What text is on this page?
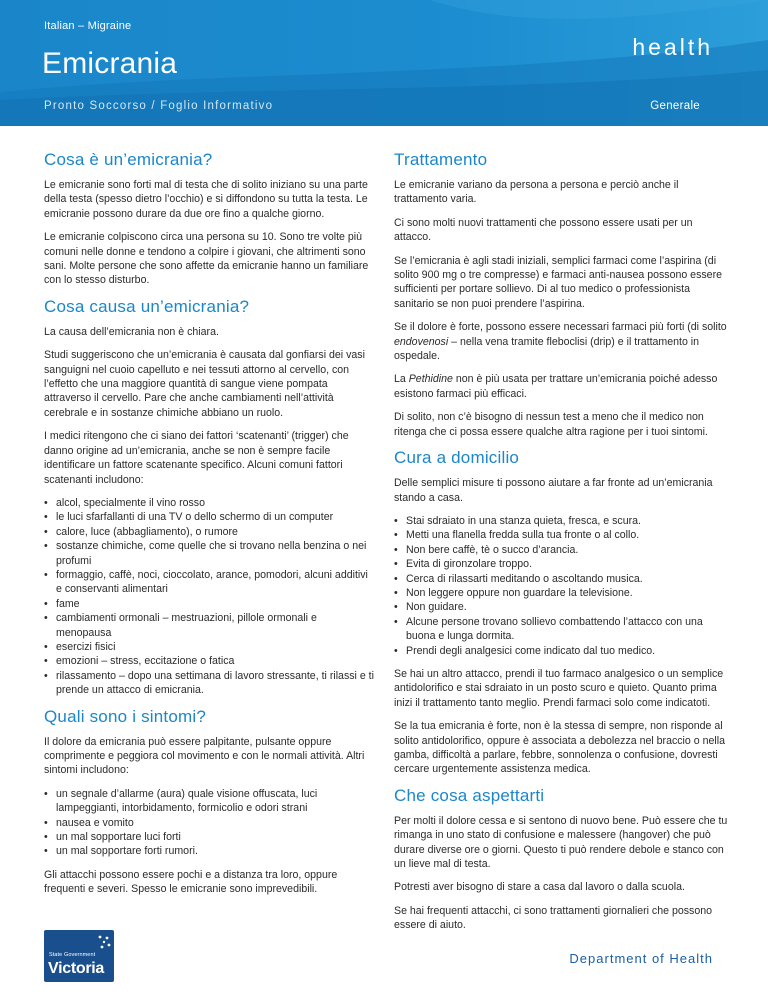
Italian – Migraine
Emicrania	health
Pronto Soccorso / Foglio Informativo	Generale
Cosa è un’emicrania?

Le emicranie sono forti mal di testa che di solito iniziano su una parte della testa (spesso dietro l’occhio) e si diffondono su tutta la testa. Le emicranie possono durare da due ore fino a qualche giorno.

Le emicranie colpiscono circa una persona su 10. Sono tre volte più comuni nelle donne e tendono a colpire i giovani, che altrimenti sono sani. Molte persone che sono affette da emicranie hanno un familiare con lo stesso disturbo.

Cosa causa un’emicrania?

La causa dell’emicrania non è chiara.

Studi suggeriscono che un’emicrania è causata dal gonfiarsi dei vasi sanguigni nel cuoio capelluto e nei tessuti attorno al cervello, con l’effetto che una maggiore quantità di sangue viene pompata attraverso il cervello. Pare che anche cambiamenti nell’attività cerebrale e in sostanze chimiche abbiano un ruolo.

I medici ritengono che ci siano dei fattori ‘scatenanti’ (trigger) che danno origine ad un’emicrania, anche se non è sempre facile identificare un fattore scatenante specifico. Alcuni comuni fattori scatenanti includono:

• alcol, specialmente il vino rosso
• le luci sfarfallanti di una TV o dello schermo di un computer
• calore, luce (abbagliamento), o rumore
• sostanze chimiche, come quelle che si trovano nella benzina o nei profumi
• formaggio, caffè, noci, cioccolato, arance, pomodori, alcuni additivi e conservanti alimentari
• fame
• cambiamenti ormonali – mestruazioni, pillole ormonali e menopausa
• esercizi fisici
• emozioni – stress, eccitazione o fatica
• rilassamento – dopo una settimana di lavoro stressante, ti rilassi e ti prende un attacco di emicrania.
Quali sono i sintomi?

Il dolore da emicrania può essere palpitante, pulsante oppure comprimente e peggiora col movimento e con le normali attività. Altri sintomi includono:

• un segnale d’allarme (aura) quale visione offuscata, luci lampeggianti, intorbidamento, formicolio e odori strani
• nausea e vomito
• un mal sopportare luci forti
• un mal sopportare forti rumori.

Gli attacchi possono essere pochi e a distanza tra loro, oppure frequenti e severi. Spesso le emicranie sono imprevedibili.

Trattamento

Le emicranie variano da persona a persona e perciò anche il trattamento varia.

Ci sono molti nuovi trattamenti che possono essere usati per un attacco.

Se l’emicrania è agli stadi iniziali, semplici farmaci come l’aspirina (di solito 900 mg o tre compresse) e farmaci anti-nausea possono essere sufficienti per portare sollievo. Di al tuo medico o professionista sanitario se non puoi prendere l’aspirina.

Se il dolore è forte, possono essere necessari farmaci più forti (di solito endovenosi – nella vena tramite fleboclisi (drip) e il trattamento in ospedale.

La Pethidine non è più usata per trattare un’emicrania poiché adesso esistono farmaci più efficaci.

Di solito, non c’è bisogno di nessun test a meno che il medico non ritenga che ci possa essere qualche altra ragione per i tuoi sintomi.

Cura a domicilio

Delle semplici misure ti possono aiutare a far fronte ad un’emicrania stando a casa.

• Stai sdraiato in una stanza quieta, fresca, e scura.
• Metti una flanella fredda sulla tua fronte o al collo.
• Non bere caffè, tè o succo d’arancia.
• Evita di gironzolare troppo.
• Cerca di rilassarti meditando o ascoltando musica.
• Non leggere oppure non guardare la televisione.
• Non guidare.
• Alcune persone trovano sollievo combattendo l’attacco con una buona e lunga dormita.
• Prendi degli analgesici come indicato dal tuo medico.

Se hai un altro attacco, prendi il tuo farmaco analgesico o un semplice antidolorifico e stai sdraiato in un posto scuro e quieto. Quanto prima inizi il trattamento tanto meglio. Prendi farmaci solo come indicatoti.

Se la tua emicrania è forte, non è la stessa di sempre, non risponde al solito antidolorifico, oppure è associata a debolezza nel braccio o nella gamba, difficoltà a parlare, febbre, sonnolenza o confusione, dovresti cercare urgentemente assistenza medica.

Che cosa aspettarti

Per molti il dolore cessa e si sentono di nuovo bene. Può essere che tu rimanga in uno stato di confusione e malessere (hangover) che può durare diverse ore o giorni. Questo ti può rendere debole e stanco con un lieve mal di testa.

Potresti aver bisogno di stare a casa dal lavoro o dalla scuola.

Se hai frequenti attacchi, ci sono trattamenti giornalieri che possono essere di aiuto.

State Government
Victoria
Department of Health
